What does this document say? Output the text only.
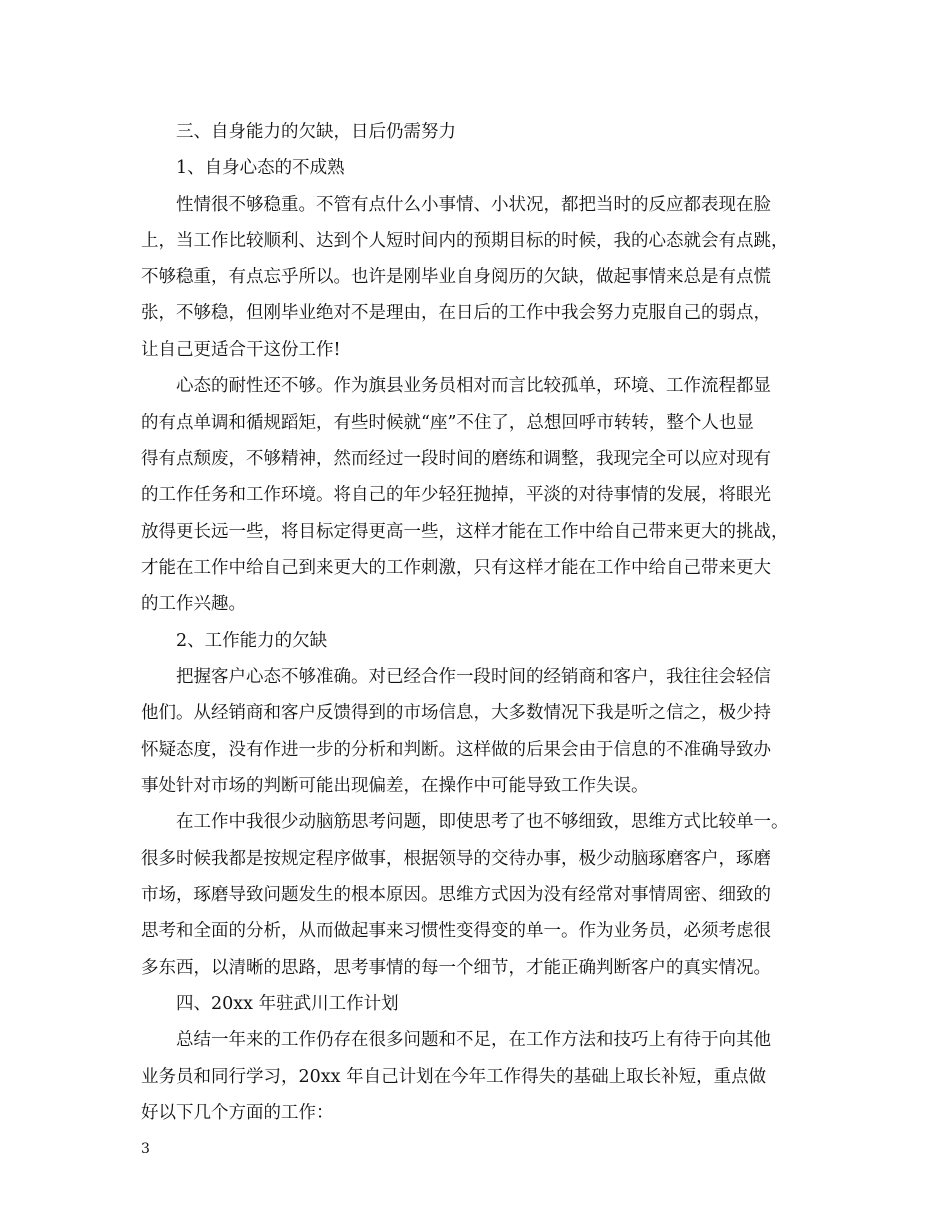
三、自身能力的欠缺，日后仍需努力
1、自身心态的不成熟
性情很不够稳重。不管有点什么小事情、小状况，都把当时的反应都表现在脸
上，当工作比较顺利、达到个人短时间内的预期目标的时候，我的心态就会有点跳，
不够稳重，有点忘乎所以。也许是刚毕业自身阅历的欠缺，做起事情来总是有点慌
张，不够稳，但刚毕业绝对不是理由，在日后的工作中我会努力克服自己的弱点，
让自己更适合干这份工作!
心态的耐性还不够。作为旗县业务员相对而言比较孤单，环境、工作流程都显
的有点单调和循规蹈矩，有些时候就“座”不住了，总想回呼市转转，整个人也显
得有点颓废，不够精神，然而经过一段时间的磨练和调整，我现完全可以应对现有
的工作任务和工作环境。将自己的年少轻狂抛掉，平淡的对待事情的发展，将眼光
放得更长远一些，将目标定得更高一些，这样才能在工作中给自己带来更大的挑战，
才能在工作中给自己到来更大的工作刺激，只有这样才能在工作中给自己带来更大
的工作兴趣。
2、工作能力的欠缺
把握客户心态不够准确。对已经合作一段时间的经销商和客户，我往往会轻信
他们。从经销商和客户反馈得到的市场信息，大多数情况下我是听之信之，极少持
怀疑态度，没有作进一步的分析和判断。这样做的后果会由于信息的不准确导致办
事处针对市场的判断可能出现偏差，在操作中可能导致工作失误。
在工作中我很少动脑筋思考问题，即使思考了也不够细致，思维方式比较单一。
很多时候我都是按规定程序做事，根据领导的交待办事，极少动脑琢磨客户，琢磨
市场，琢磨导致问题发生的根本原因。思维方式因为没有经常对事情周密、细致的
思考和全面的分析，从而做起事来习惯性变得变的单一。作为业务员，必须考虑很
多东西，以清晰的思路，思考事情的每一个细节，才能正确判断客户的真实情况。
四、20xx 年驻武川工作计划
总结一年来的工作仍存在很多问题和不足，在工作方法和技巧上有待于向其他
业务员和同行学习，20xx 年自己计划在今年工作得失的基础上取长补短，重点做
好以下几个方面的工作：
3
